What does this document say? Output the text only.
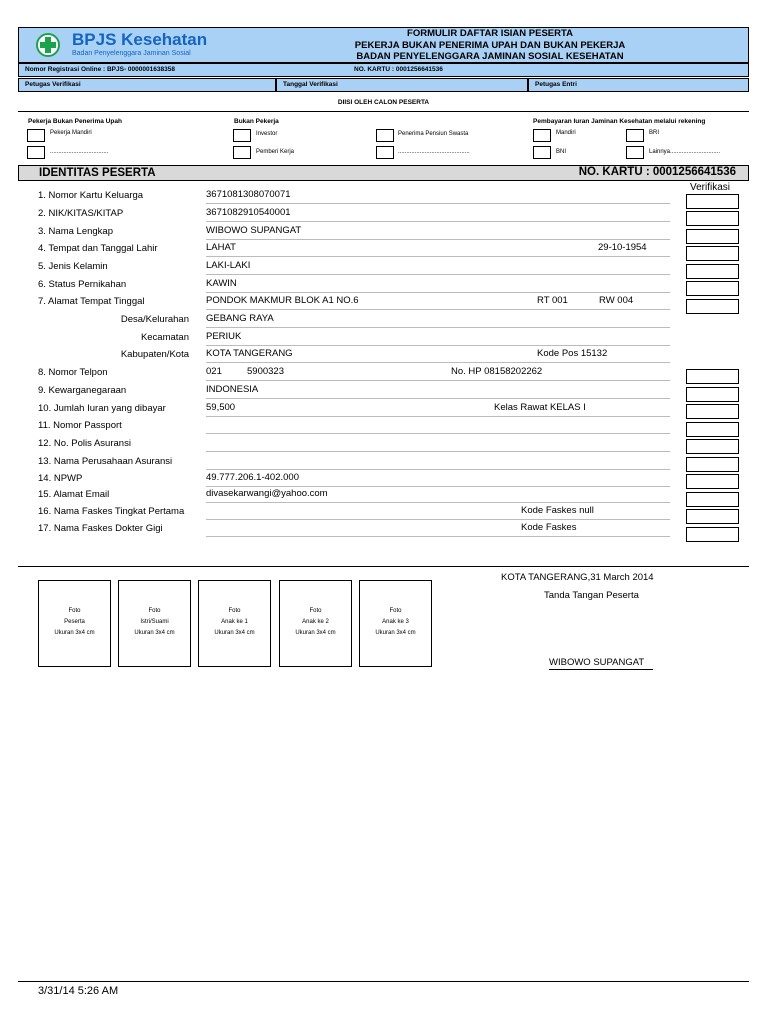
BPJS Kesehatan
Badan Penyelenggara Jaminan Sosial
FORMULIR DAFTAR ISIAN PESERTA
PEKERJA BUKAN PENERIMA UPAH DAN BUKAN PEKERJA
BADAN PENYELENGGARA JAMINAN SOSIAL KESEHATAN
Nomor Registrasi Online : BPJS- 0000001638358	NO. KARTU : 0001256641536
Petugas Verifikasi	Tanggal Verifikasi	Petugas Entri
DIISI OLEH CALON PESERTA
Pekerja Bukan Penerima Upah
Pekerja Mandiri
...................................
Bukan Pekerja
Investor
Pemberi Kerja
Penerima Pensiun Swasta
...........................................
Pembayaran Iuran Jaminan Kesehatan melalui rekening
Mandiri	BRI
BNI	Lainnya..............................
IDENTITAS PESERTA	NO. KARTU : 0001256641536
Verifikasi
1. Nomor Kartu Keluarga	3671081308070071
2. NIK/KITAS/KITAP	3671082910540001
3. Nama Lengkap	WIBOWO SUPANGAT
4. Tempat dan Tanggal Lahir	LAHAT	29-10-1954
5. Jenis Kelamin	LAKI-LAKI
6. Status Pernikahan	KAWIN
7. Alamat Tempat Tinggal	PONDOK MAKMUR BLOK A1 NO.6	RT 001	RW 004
Desa/Kelurahan GEBANG RAYA
Kecamatan PERIUK
Kabupaten/Kota KOTA TANGERANG	Kode Pos 15132
8. Nomor Telpon	021	5900323	No. HP 08158202262
9. Kewarganegaraan	INDONESIA
10. Jumlah Iuran yang dibayar	59,500	Kelas Rawat KELAS I
11. Nomor Passport
12. No. Polis Asuransi
13. Nama Perusahaan Asuransi
14. NPWP	49.777.206.1-402.000
15. Alamat Email	divasekarwangi@yahoo.com
16. Nama Faskes Tingkat Pertama	Kode Faskes null
17. Nama Faskes Dokter Gigi	Kode Faskes
Foto
Peserta
Ukuran 3x4 cm
Foto
Istri/Suami
Ukuran 3x4 cm
Foto
Anak ke 1
Ukuran 3x4 cm
Foto
Anak ke 2
Ukuran 3x4 cm
Foto
Anak ke 3
Ukuran 3x4 cm
KOTA TANGERANG,31 March 2014
Tanda Tangan Peserta
WIBOWO SUPANGAT
3/31/14 5:26 AM
